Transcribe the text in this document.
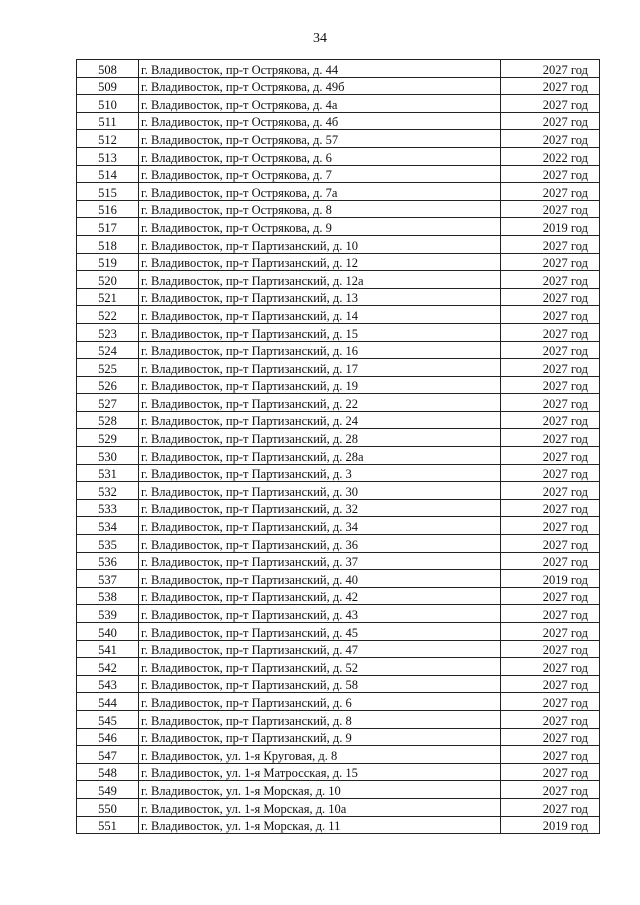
34
508	г. Владивосток, пр-т Острякова, д. 44	2027 год
509	г. Владивосток, пр-т Острякова, д. 49б	2027 год
510	г. Владивосток, пр-т Острякова, д. 4а	2027 год
511	г. Владивосток, пр-т Острякова, д. 4б	2027 год
512	г. Владивосток, пр-т Острякова, д. 57	2027 год
513	г. Владивосток, пр-т Острякова, д. 6	2022 год
514	г. Владивосток, пр-т Острякова, д. 7	2027 год
515	г. Владивосток, пр-т Острякова, д. 7а	2027 год
516	г. Владивосток, пр-т Острякова, д. 8	2027 год
517	г. Владивосток, пр-т Острякова, д. 9	2019 год
518	г. Владивосток, пр-т Партизанский, д. 10	2027 год
519	г. Владивосток, пр-т Партизанский, д. 12	2027 год
520	г. Владивосток, пр-т Партизанский, д. 12а	2027 год
521	г. Владивосток, пр-т Партизанский, д. 13	2027 год
522	г. Владивосток, пр-т Партизанский, д. 14	2027 год
523	г. Владивосток, пр-т Партизанский, д. 15	2027 год
524	г. Владивосток, пр-т Партизанский, д. 16	2027 год
525	г. Владивосток, пр-т Партизанский, д. 17	2027 год
526	г. Владивосток, пр-т Партизанский, д. 19	2027 год
527	г. Владивосток, пр-т Партизанский, д. 22	2027 год
528	г. Владивосток, пр-т Партизанский, д. 24	2027 год
529	г. Владивосток, пр-т Партизанский, д. 28	2027 год
530	г. Владивосток, пр-т Партизанский, д. 28а	2027 год
531	г. Владивосток, пр-т Партизанский, д. 3	2027 год
532	г. Владивосток, пр-т Партизанский, д. 30	2027 год
533	г. Владивосток, пр-т Партизанский, д. 32	2027 год
534	г. Владивосток, пр-т Партизанский, д. 34	2027 год
535	г. Владивосток, пр-т Партизанский, д. 36	2027 год
536	г. Владивосток, пр-т Партизанский, д. 37	2027 год
537	г. Владивосток, пр-т Партизанский, д. 40	2019 год
538	г. Владивосток, пр-т Партизанский, д. 42	2027 год
539	г. Владивосток, пр-т Партизанский, д. 43	2027 год
540	г. Владивосток, пр-т Партизанский, д. 45	2027 год
541	г. Владивосток, пр-т Партизанский, д. 47	2027 год
542	г. Владивосток, пр-т Партизанский, д. 52	2027 год
543	г. Владивосток, пр-т Партизанский, д. 58	2027 год
544	г. Владивосток, пр-т Партизанский, д. 6	2027 год
545	г. Владивосток, пр-т Партизанский, д. 8	2027 год
546	г. Владивосток, пр-т Партизанский, д. 9	2027 год
547	г. Владивосток, ул. 1-я Круговая, д. 8	2027 год
548	г. Владивосток, ул. 1-я Матросская, д. 15	2027 год
549	г. Владивосток, ул. 1-я Морская, д. 10	2027 год
550	г. Владивосток, ул. 1-я Морская, д. 10а	2027 год
551	г. Владивосток, ул. 1-я Морская, д. 11	2019 год
